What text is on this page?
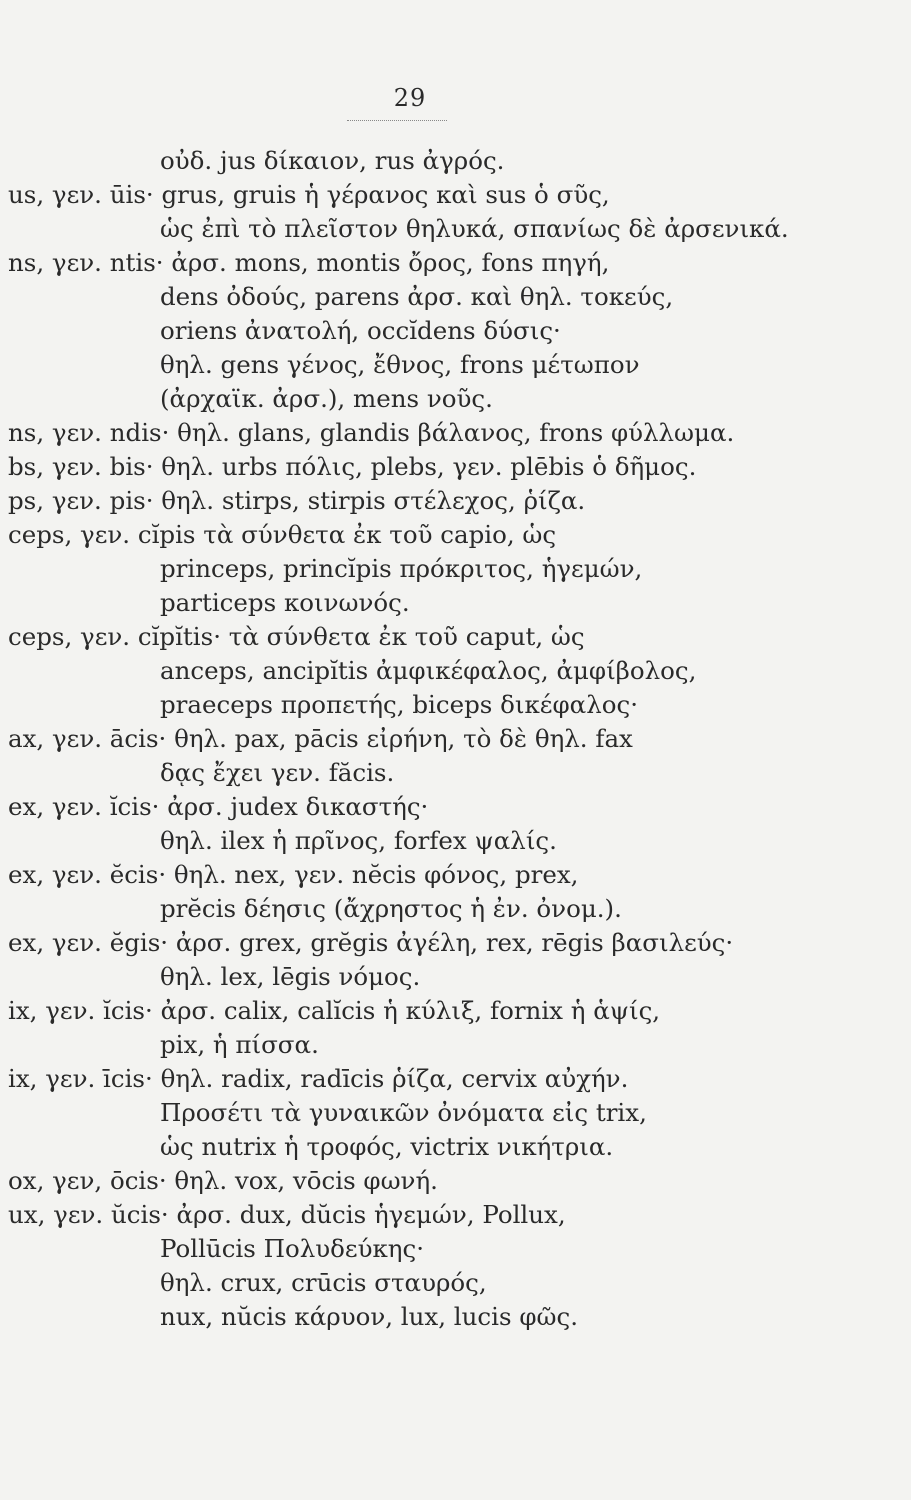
29
οὐδ. jus δίκαιον, rus ἀγρός.
us, γεν. ūis· grus, gruis ἡ γέρανος καὶ sus ὁ σῦς,
ὡς ἐπὶ τὸ πλεῖστον θηλυκά, σπανίως δὲ ἀρσενικά.
ns, γεν. ntis· ἀρσ. mons, montis ὄρος, fons πηγή,
dens ὀδούς, parens ἀρσ. καὶ θηλ. τοκεύς,
oriens ἀνατολή, occĭdens δύσις·
θηλ. gens γένος, ἔθνος, frons μέτωπον
(ἀρχαϊκ. ἀρσ.), mens νοῦς.
ns, γεν. ndis· θηλ. glans, glandis βάλανος, frons φύλλωμα.
bs, γεν. bis· θηλ. urbs πόλις, plebs, γεν. plēbis ὁ δῆμος.
ps, γεν. pis· θηλ. stirps, stirpis στέλεχος, ῥίζα.
ceps, γεν. cĭpis τὰ σύνθετα ἐκ τοῦ capio, ὡς
princeps, princĭpis πρόκριτος, ἡγεμών,
particeps κοινωνός.
ceps, γεν. cĭpĭtis· τὰ σύνθετα ἐκ τοῦ caput, ὡς
anceps, ancipĭtis ἀμφικέφαλος, ἀμφίβολος,
praeceps προπετής, biceps δικέφαλος·
ax, γεν. ācis· θηλ. pax, pācis εἰρήνη, τὸ δὲ θηλ. fax
δᾳς ἔχει γεν. făcis.
ex, γεν. ĭcis· ἀρσ. judex δικαστής·
θηλ. ilex ἡ πρῖνος, forfex ψαλίς.
ex, γεν. ĕcis· θηλ. nex, γεν. nĕcis φόνος, prex,
prĕcis δέησις (ἄχρηστος ἡ ἐν. ὀνομ.).
ex, γεν. ĕgis· ἀρσ. grex, grĕgis ἀγέλη, rex, rēgis βασιλεύς·
θηλ. lex, lēgis νόμος.
ix, γεν. ĭcis· ἀρσ. calix, calĭcis ἡ κύλιξ, fornix ἡ ἁψίς,
pix, ἡ πίσσα.
ix, γεν. īcis· θηλ. radix, radīcis ῥίζα, cervix αὐχήν.
Προσέτι τὰ γυναικῶν ὀνόματα εἰς trix,
ὡς nutrix ἡ τροφός, victrix νικήτρια.
ox, γεν, ōcis· θηλ. vox, vōcis φωνή.
ux, γεν. ŭcis· ἀρσ. dux, dŭcis ἡγεμών, Pollux,
Pollūcis Πολυδεύκης·
θηλ. crux, crūcis σταυρός,
nux, nŭcis κάρυον, lux, lucis φῶς.
